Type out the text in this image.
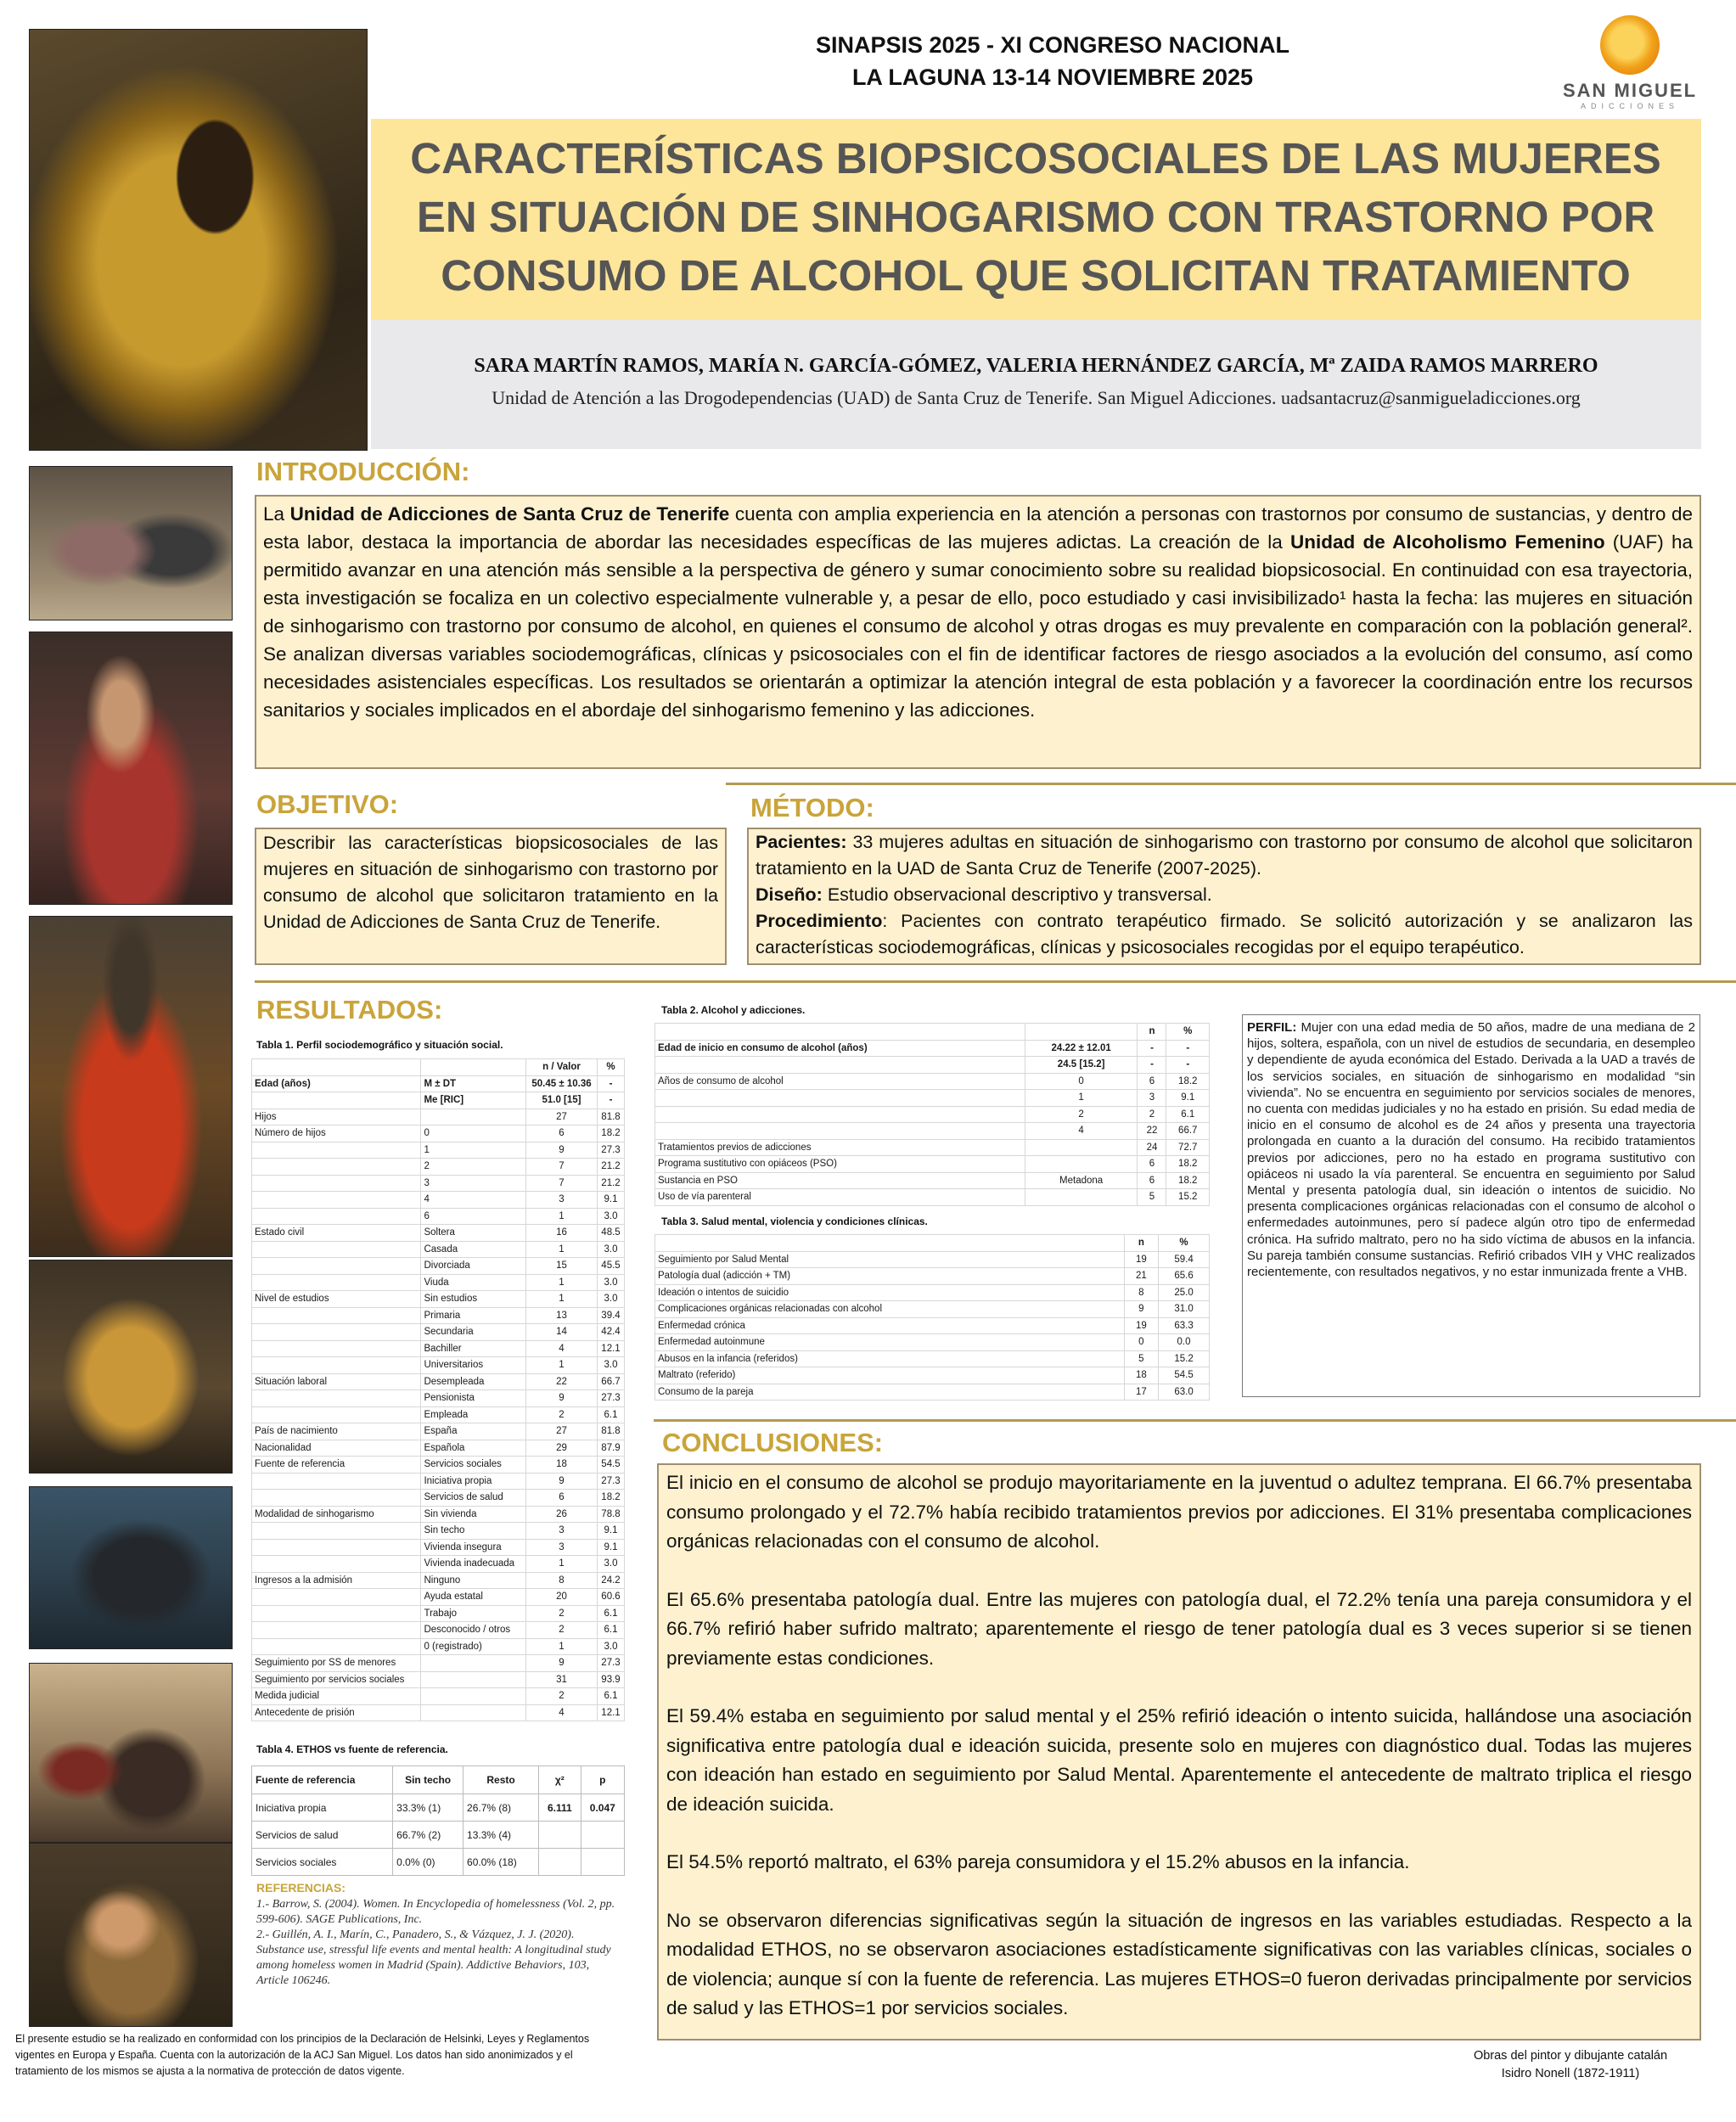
SINAPSIS 2025 - XI CONGRESO NACIONAL
LA LAGUNA 13-14 NOVIEMBRE 2025
SAN MIGUEL
ADICCIONES
CARACTERÍSTICAS BIOPSICOSOCIALES DE LAS MUJERES EN SITUACIÓN DE SINHOGARISMO CON TRASTORNO POR CONSUMO DE ALCOHOL QUE SOLICITAN TRATAMIENTO
SARA MARTÍN RAMOS, MARÍA N. GARCÍA-GÓMEZ, VALERIA HERNÁNDEZ GARCÍA, Mª ZAIDA RAMOS MARRERO
Unidad de Atención a las Drogodependencias (UAD) de Santa Cruz de Tenerife. San Miguel Adicciones. uadsantacruz@sanmigueladicciones.org
INTRODUCCIÓN:
La Unidad de Adicciones de Santa Cruz de Tenerife cuenta con amplia experiencia en la atención a personas con trastornos por consumo de sustancias, y dentro de esta labor, destaca la importancia de abordar las necesidades específicas de las mujeres adictas. La creación de la Unidad de Alcoholismo Femenino (UAF) ha permitido avanzar en una atención más sensible a la perspectiva de género y sumar conocimiento sobre su realidad biopsicosocial. En continuidad con esa trayectoria, esta investigación se focaliza en un colectivo especialmente vulnerable y, a pesar de ello, poco estudiado y casi invisibilizado¹ hasta la fecha: las mujeres en situación de sinhogarismo con trastorno por consumo de alcohol, en quienes el consumo de alcohol y otras drogas es muy prevalente en comparación con la población general². Se analizan diversas variables sociodemográficas, clínicas y psicosociales con el fin de identificar factores de riesgo asociados a la evolución del consumo, así como necesidades asistenciales específicas. Los resultados se orientarán a optimizar la atención integral de esta población y a favorecer la coordinación entre los recursos sanitarios y sociales implicados en el abordaje del sinhogarismo femenino y las adicciones.
OBJETIVO:
Describir las características biopsicosociales de las mujeres en situación de sinhogarismo con trastorno por consumo de alcohol que solicitaron tratamiento en la Unidad de Adicciones de Santa Cruz de Tenerife.
MÉTODO:
Pacientes: 33 mujeres adultas en situación de sinhogarismo con trastorno por consumo de alcohol que solicitaron tratamiento en la UAD de Santa Cruz de Tenerife (2007-2025).
Diseño: Estudio observacional descriptivo y transversal.
Procedimiento: Pacientes con contrato terapéutico firmado. Se solicitó autorización y se analizaron las características sociodemográficas, clínicas y psicosociales recogidas por el equipo terapéutico.
RESULTADOS:
Tabla 1. Perfil sociodemográfico y situación social.
		n / Valor	%
Edad (años)	M ± DT	50.45 ± 10.36	-
	Me [RIC]	51.0 [15]	-
Hijos		27	81.8
Número de hijos	0	6	18.2
	1	9	27.3
	2	7	21.2
	3	7	21.2
	4	3	9.1
	6	1	3.0
Estado civil	Soltera	16	48.5
	Casada	1	3.0
	Divorciada	15	45.5
	Viuda	1	3.0
Nivel de estudios	Sin estudios	1	3.0
	Primaria	13	39.4
	Secundaria	14	42.4
	Bachiller	4	12.1
	Universitarios	1	3.0
Situación laboral	Desempleada	22	66.7
	Pensionista	9	27.3
	Empleada	2	6.1
País de nacimiento	España	27	81.8
Nacionalidad	Española	29	87.9
Fuente de referencia	Servicios sociales	18	54.5
	Iniciativa propia	9	27.3
	Servicios de salud	6	18.2
Modalidad de sinhogarismo	Sin vivienda	26	78.8
	Sin techo	3	9.1
	Vivienda insegura	3	9.1
	Vivienda inadecuada	1	3.0
Ingresos a la admisión	Ninguno	8	24.2
	Ayuda estatal	20	60.6
	Trabajo	2	6.1
	Desconocido / otros	2	6.1
	0 (registrado)	1	3.0
Seguimiento por SS de menores		9	27.3
Seguimiento por servicios sociales		31	93.9
Medida judicial		2	6.1
Antecedente de prisión		4	12.1
Tabla 2. Alcohol y adicciones.
		n	%
Edad de inicio en consumo de alcohol (años)	24.22 ± 12.01	-	-
	24.5 [15.2]	-	-
Años de consumo de alcohol	0	6	18.2
	1	3	9.1
	2	2	6.1
	4	22	66.7
Tratamientos previos de adicciones		24	72.7
Programa sustitutivo con opiáceos (PSO)		6	18.2
Sustancia en PSO	Metadona	6	18.2
Uso de vía parenteral		5	15.2
Tabla 3. Salud mental, violencia y condiciones clínicas.
	n	%
Seguimiento por Salud Mental	19	59.4
Patología dual (adicción + TM)	21	65.6
Ideación o intentos de suicidio	8	25.0
Complicaciones orgánicas relacionadas con alcohol	9	31.0
Enfermedad crónica	19	63.3
Enfermedad autoinmune	0	0.0
Abusos en la infancia (referidos)	5	15.2
Maltrato (referido)	18	54.5
Consumo de la pareja	17	63.0
PERFIL: Mujer con una edad media de 50 años, madre de una mediana de 2 hijos, soltera, española, con un nivel de estudios de secundaria, en desempleo y dependiente de ayuda económica del Estado. Derivada a la UAD a través de los servicios sociales, en situación de sinhogarismo en modalidad “sin vivienda”. No se encuentra en seguimiento por servicios sociales de menores, no cuenta con medidas judiciales y no ha estado en prisión. Su edad media de inicio en el consumo de alcohol es de 24 años y presenta una trayectoria prolongada en cuanto a la duración del consumo. Ha recibido tratamientos previos por adicciones, pero no ha estado en programa sustitutivo con opiáceos ni usado la vía parenteral. Se encuentra en seguimiento por Salud Mental y presenta patología dual, sin ideación o intentos de suicidio. No presenta complicaciones orgánicas relacionadas con el consumo de alcohol o enfermedades autoinmunes, pero sí padece algún otro tipo de enfermedad crónica. Ha sufrido maltrato, pero no ha sido víctima de abusos en la infancia. Su pareja también consume sustancias. Refirió cribados VIH y VHC realizados recientemente, con resultados negativos, y no estar inmunizada frente a VHB.
Tabla 4. ETHOS vs fuente de referencia.
Fuente de referencia	Sin techo	Resto	χ²	p
Iniciativa propia	33.3% (1)	26.7% (8)	6.111	0.047
Servicios de salud	66.7% (2)	13.3% (4)		
Servicios sociales	0.0% (0)	60.0% (18)		
REFERENCIAS:
1.- Barrow, S. (2004). Women. In Encyclopedia of homelessness (Vol. 2, pp. 599-606). SAGE Publications, Inc.
2.- Guillén, A. I., Marín, C., Panadero, S., & Vázquez, J. J. (2020). Substance use, stressful life events and mental health: A longitudinal study among homeless women in Madrid (Spain). Addictive Behaviors, 103, Article 106246.
CONCLUSIONES:
El inicio en el consumo de alcohol se produjo mayoritariamente en la juventud o adultez temprana. El 66.7% presentaba consumo prolongado y el 72.7% había recibido tratamientos previos por adicciones. El 31% presentaba complicaciones orgánicas relacionadas con el consumo de alcohol.
El 65.6% presentaba patología dual. Entre las mujeres con patología dual, el 72.2% tenía una pareja consumidora y el 66.7% refirió haber sufrido maltrato; aparentemente el riesgo de tener patología dual es 3 veces superior si se tienen previamente estas condiciones.
El 59.4% estaba en seguimiento por salud mental y el 25% refirió ideación o intento suicida, hallándose una asociación significativa entre patología dual e ideación suicida, presente solo en mujeres con diagnóstico dual. Todas las mujeres con ideación han estado en seguimiento por Salud Mental. Aparentemente el antecedente de maltrato triplica el riesgo de ideación suicida.
El 54.5% reportó maltrato, el 63% pareja consumidora y el 15.2% abusos en la infancia.
No se observaron diferencias significativas según la situación de ingresos en las variables estudiadas. Respecto a la modalidad ETHOS, no se observaron asociaciones estadísticamente significativas con las variables clínicas, sociales o de violencia; aunque sí con la fuente de referencia. Las mujeres ETHOS=0 fueron derivadas principalmente por servicios de salud y las ETHOS=1 por servicios sociales.
El presente estudio se ha realizado en conformidad con los principios de la Declaración de Helsinki, Leyes y Reglamentos vigentes en Europa y España. Cuenta con la autorización de la ACJ San Miguel. Los datos han sido anonimizados y el tratamiento de los mismos se ajusta a la normativa de protección de datos vigente.
Obras del pintor y dibujante catalán
Isidro Nonell (1872-1911)
